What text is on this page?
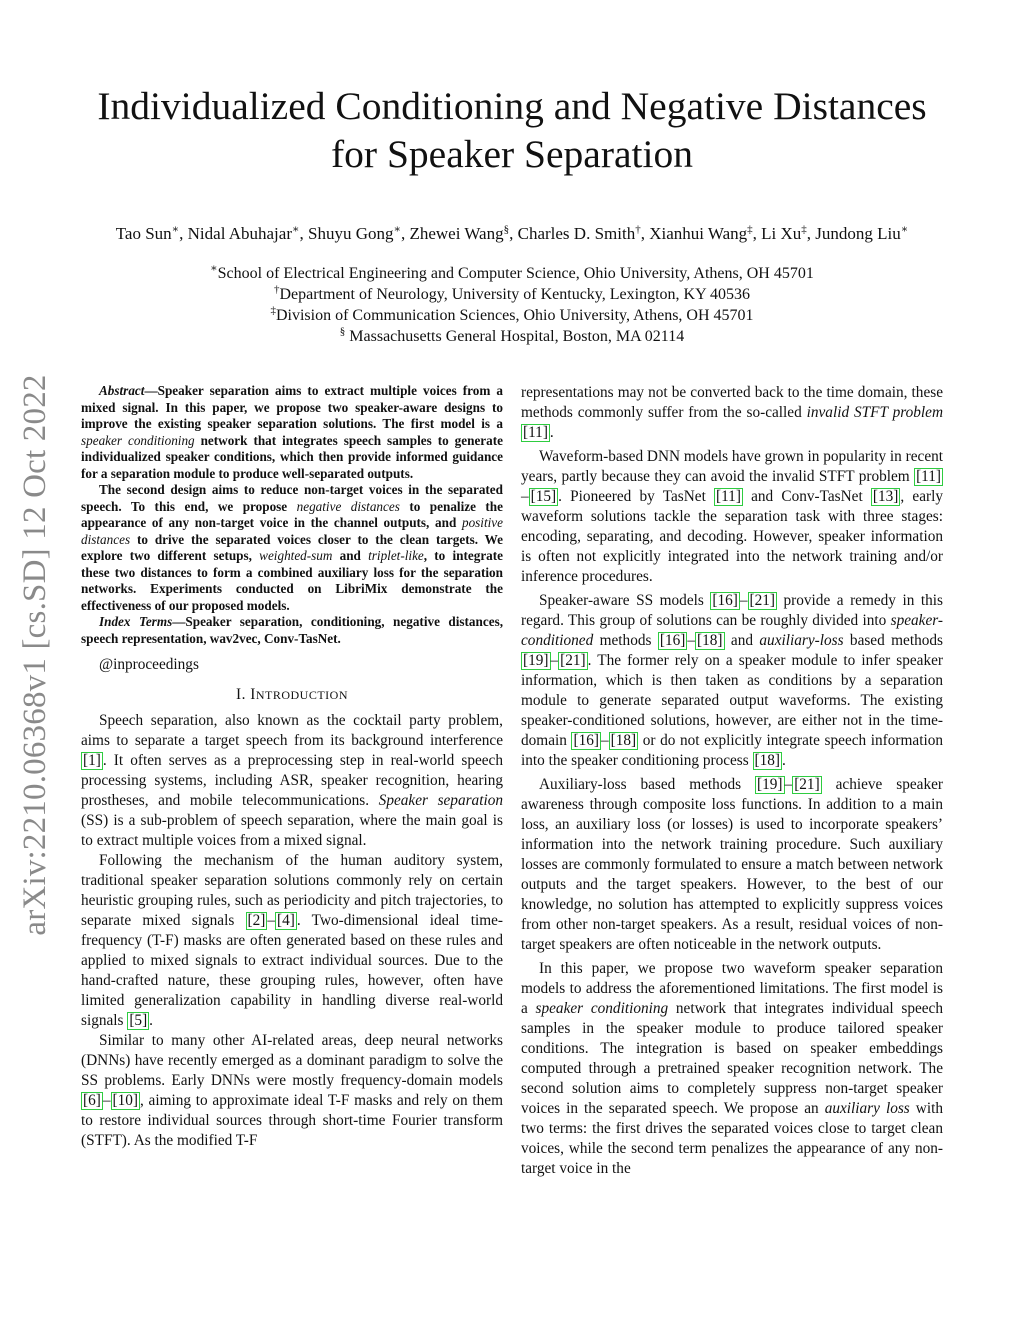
arXiv:2210.06368v1 [cs.SD] 12 Oct 2022
Individualized Conditioning and Negative Distances
for Speaker Separation
Tao Sun∗, Nidal Abuhajar∗, Shuyu Gong∗, Zhewei Wang§, Charles D. Smith†, Xianhui Wang‡, Li Xu‡, Jundong Liu∗
∗School of Electrical Engineering and Computer Science, Ohio University, Athens, OH 45701
†Department of Neurology, University of Kentucky, Lexington, KY 40536
‡Division of Communication Sciences, Ohio University, Athens, OH 45701
§ Massachusetts General Hospital, Boston, MA 02114

Abstract—Speaker separation aims to extract multiple voices from a mixed signal. In this paper, we propose two speaker-aware designs to improve the existing speaker separation solutions. The first model is a speaker conditioning network that integrates speech samples to generate individualized speaker conditions, which then provide informed guidance for a separation module to produce well-separated outputs.

The second design aims to reduce non-target voices in the separated speech. To this end, we propose negative distances to penalize the appearance of any non-target voice in the channel outputs, and positive distances to drive the separated voices closer to the clean targets. We explore two different setups, weighted-sum and triplet-like, to integrate these two distances to form a combined auxiliary loss for the separation networks. Experiments conducted on LibriMix demonstrate the effectiveness of our proposed models.

Index Terms—Speaker separation, conditioning, negative distances, speech representation, wav2vec, Conv-TasNet.

@inproceedings

I. INTRODUCTION

Speech separation, also known as the cocktail party problem, aims to separate a target speech from its background interference [1] . It often serves as a preprocessing step in real-world speech processing systems, including ASR, speaker recognition, hearing prostheses, and mobile telecommunications. Speaker separation (SS) is a sub-problem of speech separation, where the main goal is to extract multiple voices from a mixed signal.

Following the mechanism of the human auditory system, traditional speaker separation solutions commonly rely on certain heuristic grouping rules, such as periodicity and pitch trajectories, to separate mixed signals [2] – [4] . Two-dimensional ideal time-frequency (T-F) masks are often generated based on these rules and applied to mixed signals to extract individual sources. Due to the hand-crafted nature, these grouping rules, however, often have limited generalization capability in handling diverse real-world signals [5] .

Similar to many other AI-related areas, deep neural networks (DNNs) have recently emerged as a dominant paradigm to solve the SS problems. Early DNNs were mostly frequency-domain models [6] – [10] , aiming to approximate ideal T-F masks and rely on them to restore individual sources through short-time Fourier transform (STFT). As the modified T-F

representations may not be converted back to the time domain, these methods commonly suffer from the so-called invalid STFT problem [11] .

Waveform-based DNN models have grown in popularity in recent years, partly because they can avoid the invalid STFT problem [11]– [15] . Pioneered by TasNet [11] and Conv-TasNet [13] , early waveform solutions tackle the separation task with three stages: encoding, separating, and decoding. However, speaker information is often not explicitly integrated into the network training and/or inference procedures.

Speaker-aware SS models [16] – [21] provide a remedy in this regard. This group of solutions can be roughly divided into speaker-conditioned methods [16] – [18] and auxiliary-loss based methods [19] – [21] . The former rely on a speaker module to infer speaker information, which is then taken as conditions by a separation module to generate separated output waveforms. The existing speaker-conditioned solutions, however, are either not in the time-domain [16] – [18] or do not explicitly integrate speech information into the speaker conditioning process [18] .

Auxiliary-loss based methods [19] – [21] achieve speaker awareness through composite loss functions. In addition to a main loss, an auxiliary loss (or losses) is used to incorporate speakers’ information into the network training procedure. Such auxiliary losses are commonly formulated to ensure a match between network outputs and the target speakers. However, to the best of our knowledge, no solution has attempted to explicitly suppress voices from other non-target speakers. As a result, residual voices of non-target speakers are often noticeable in the network outputs.

In this paper, we propose two waveform speaker separation models to address the aforementioned limitations. The first model is a speaker conditioning network that integrates individual speech samples in the speaker module to produce tailored speaker conditions. The integration is based on speaker embeddings computed through a pretrained speaker recognition network. The second solution aims to completely suppress non-target speaker voices in the separated speech. We propose an auxiliary loss with two terms: the first drives the separated voices close to target clean voices, while the second term penalizes the appearance of any non-target voice in the
